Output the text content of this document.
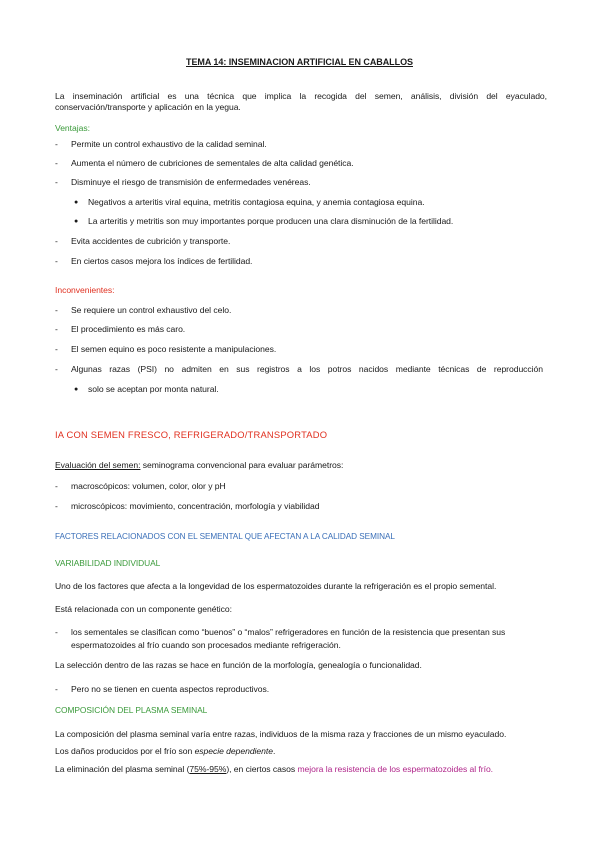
TEMA 14: INSEMINACION ARTIFICIAL EN CABALLOS
La inseminación artificial es una técnica que implica la recogida del semen, análisis, división del eyaculado, conservación/transporte y aplicación en la yegua.
Ventajas:
- Permite un control exhaustivo de la calidad seminal.
- Aumenta el número de cubriciones de sementales de alta calidad genética.
- Disminuye el riesgo de transmisión de enfermedades venéreas.
● Negativos a arteritis viral equina, metritis contagiosa equina, y anemia contagiosa equina.
● La arteritis y metritis son muy importantes porque producen una clara disminución de la fertilidad.
- Evita accidentes de cubrición y transporte.
- En ciertos casos mejora los índices de fertilidad.
Inconvenientes:
- Se requiere un control exhaustivo del celo.
- El procedimiento es más caro.
- El semen equino es poco resistente a manipulaciones.
- Algunas razas (PSI) no admiten en sus registros a los potros nacidos mediante técnicas de reproducción
● solo se aceptan por monta natural.
IA CON SEMEN FRESCO, REFRIGERADO/TRANSPORTADO
Evaluación del semen: seminograma convencional para evaluar parámetros:
- macroscópicos: volumen, color, olor y pH
- microscópicos: movimiento, concentración, morfología y viabilidad
FACTORES RELACIONADOS CON EL SEMENTAL QUE AFECTAN A LA CALIDAD SEMINAL
VARIABILIDAD INDIVIDUAL
Uno de los factores que afecta a la longevidad de los espermatozoides durante la refrigeración es el propio semental.
Está relacionada con un componente genético:
- los sementales se clasifican como “buenos” o “malos” refrigeradores en función de la resistencia que presentan sus
espermatozoides al frío cuando son procesados mediante refrigeración.
La selección dentro de las razas se hace en función de la morfología, genealogía o funcionalidad.
- Pero no se tienen en cuenta aspectos reproductivos.
COMPOSICIÓN DEL PLASMA SEMINAL
La composición del plasma seminal varía entre razas, individuos de la misma raza y fracciones de un mismo eyaculado.
Los daños producidos por el frío son especie dependiente.
La eliminación del plasma seminal (75%-95%), en ciertos casos mejora la resistencia de los espermatozoides al frío.
